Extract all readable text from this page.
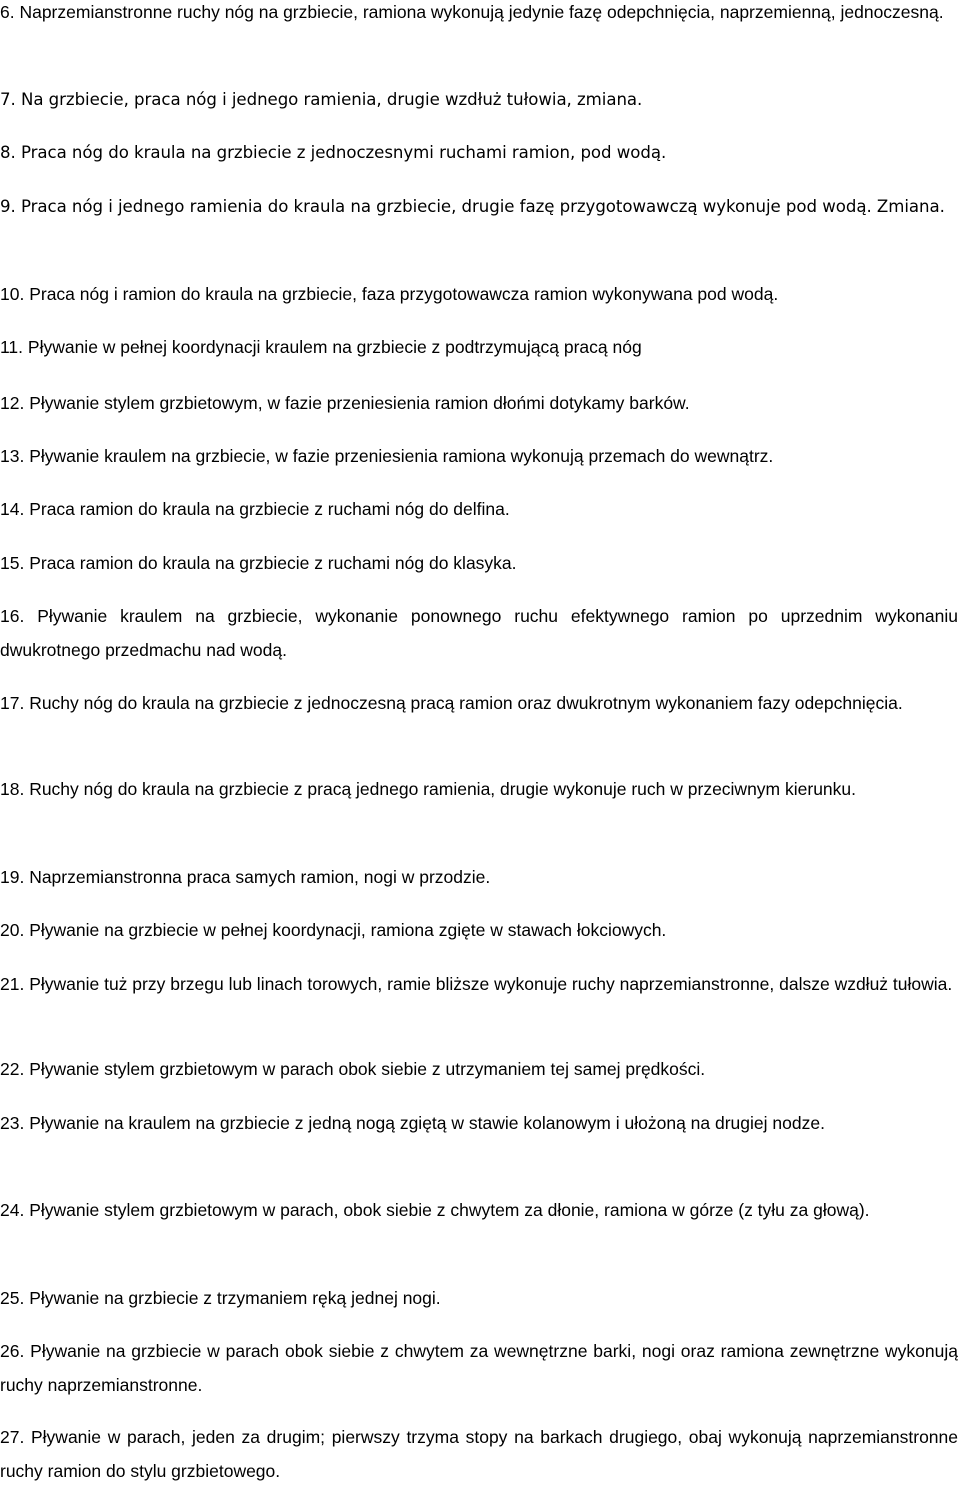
6. Naprzemianstronne ruchy nóg na grzbiecie, ramiona wykonują jedynie fazę odepchnięcia, naprzemienną, jednoczesną.

7. Na grzbiecie, praca nóg i jednego ramienia, drugie wzdłuż tułowia, zmiana.

8. Praca nóg do kraula na grzbiecie z jednoczesnymi ruchami ramion, pod wodą.

9. Praca nóg i jednego ramienia do kraula na grzbiecie, drugie fazę przygotowawczą wykonuje pod wodą. Zmiana.

10. Praca nóg i ramion do kraula na grzbiecie, faza przygotowawcza ramion wykonywana pod wodą.

11. Pływanie w pełnej koordynacji kraulem na grzbiecie z podtrzymującą pracą nóg

12. Pływanie stylem grzbietowym, w fazie przeniesienia ramion dłońmi dotykamy barków.

13. Pływanie kraulem na grzbiecie, w fazie przeniesienia ramiona wykonują przemach do wewnątrz.

14. Praca ramion do kraula na grzbiecie z ruchami nóg do delfina.

15. Praca ramion do kraula na grzbiecie z ruchami nóg do klasyka.

16. Pływanie kraulem na grzbiecie, wykonanie ponownego ruchu efektywnego ramion po uprzednim wykonaniu dwukrotnego przedmachu nad wodą.

17. Ruchy nóg do kraula na grzbiecie z jednoczesną pracą ramion oraz dwukrotnym wykonaniem fazy odepchnięcia.

18. Ruchy nóg do kraula na grzbiecie z pracą jednego ramienia, drugie wykonuje ruch w przeciwnym kierunku.

19. Naprzemianstronna praca samych ramion, nogi w przodzie.

20. Pływanie na grzbiecie w pełnej koordynacji, ramiona zgięte w stawach łokciowych.

21. Pływanie tuż przy brzegu lub linach torowych, ramie bliższe wykonuje ruchy naprzemianstronne, dalsze wzdłuż tułowia.

22. Pływanie stylem grzbietowym w parach obok siebie z utrzymaniem tej samej prędkości.

23. Pływanie na kraulem na grzbiecie z jedną nogą zgiętą w stawie kolanowym i ułożoną na drugiej nodze.

24. Pływanie stylem grzbietowym w parach, obok siebie z chwytem za dłonie, ramiona w górze (z tyłu za głową).

25. Pływanie na grzbiecie z trzymaniem ręką jednej nogi.

26. Pływanie na grzbiecie w parach obok siebie z chwytem za wewnętrzne barki, nogi oraz ramiona zewnętrzne wykonują ruchy naprzemianstronne.

27. Pływanie w parach, jeden za drugim; pierwszy trzyma stopy na barkach drugiego, obaj wykonują naprzemianstronne ruchy ramion do stylu grzbietowego.
